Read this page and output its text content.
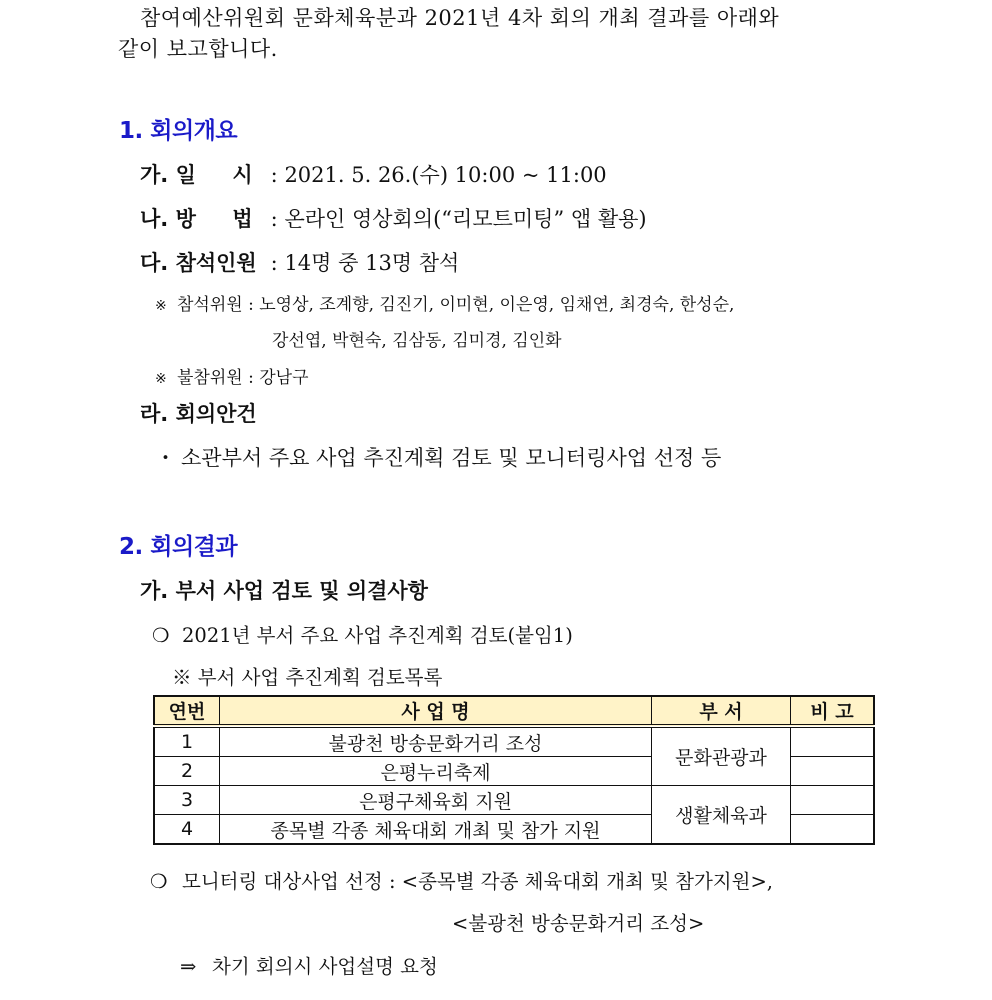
참여예산위원회 문화체육분과 2021년 4차 회의 개최 결과를 아래와
같이 보고합니다.
1. 회의개요
가. 일     시 : 2021. 5. 26.(수) 10:00 ~ 11:00
나. 방     법 : 온라인 영상회의(“리모트미팅” 앱 활용)
다. 참석인원 : 14명 중 13명 참석
※ 참석위원 : 노영상, 조계향, 김진기, 이미현, 이은영, 임채연, 최경숙, 한성순,
강선엽, 박현숙, 김삼동, 김미경, 김인화
※ 불참위원 : 강남구
라. 회의안건
・ 소관부서 주요 사업 추진계획 검토 및 모니터링사업 선정 등
2. 회의결과
가. 부서 사업 검토 및 의결사항
❍ 2021년 부서 주요 사업 추진계획 검토(붙임1)
※ 부서 사업 추진계획 검토목록
연번	사 업 명	부 서	비 고
1	불광천 방송문화거리 조성	문화관광과	
2	은평누리축제		
3	은평구체육회 지원	생활체육과	
4	종목별 각종 체육대회 개최 및 참가 지원		
❍ 모니터링 대상사업 선정 : <종목별 각종 체육대회 개최 및 참가지원>,
<불광천 방송문화거리 조성>
⇒ 차기 회의시 사업설명 요청
